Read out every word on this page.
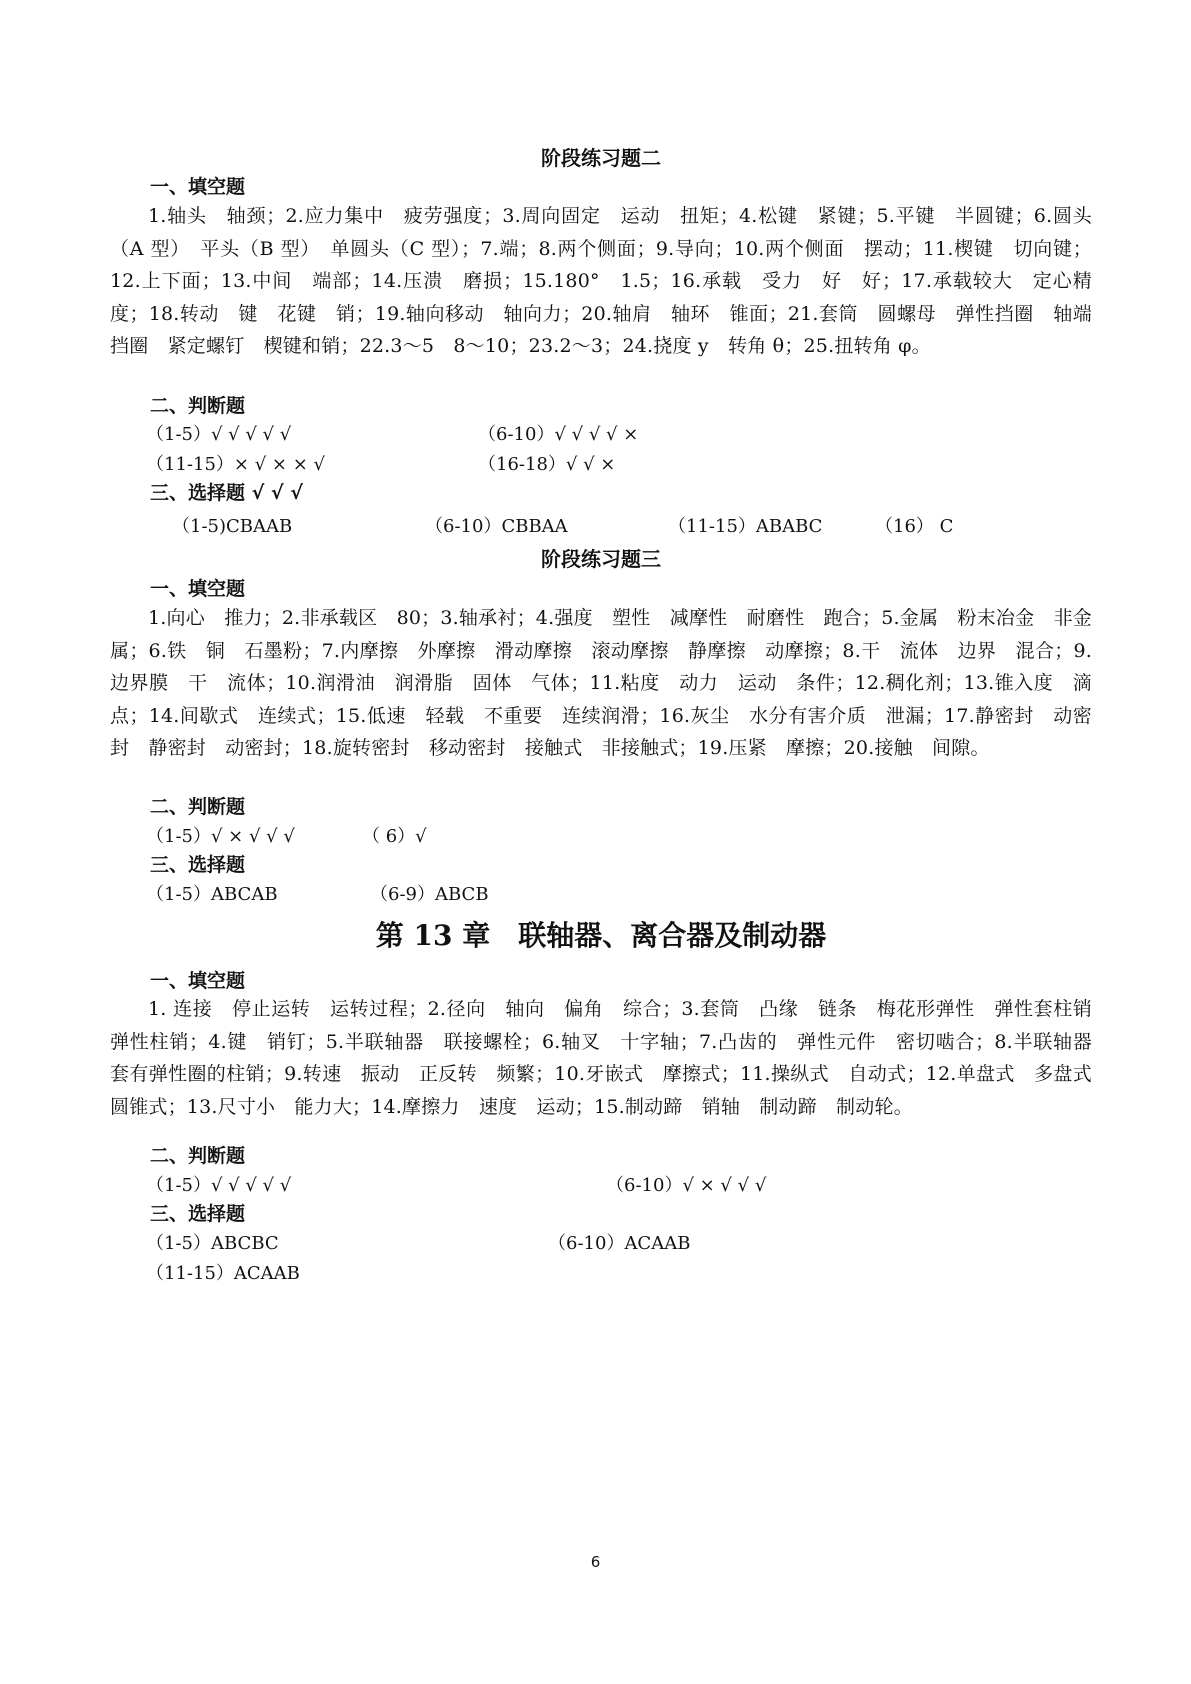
阶段练习题二
一、填空题
1.轴头　轴颈；2.应力集中　疲劳强度；3.周向固定　运动　扭矩；4.松键　紧键；5.平键　半圆键；6.圆头（A 型）　平头（B 型）　单圆头（C 型）；7.端；8.两个侧面；9.导向；10.两个侧面　摆动；11.楔键　切向键；12.上下面；13.中间　端部；14.压溃　磨损；15.180°　1.5；16.承载　受力　好　好；17.承载较大　定心精度；18.转动　键　花键　销；19.轴向移动　轴向力；20.轴肩　轴环　锥面；21.套筒　圆螺母　弹性挡圈　轴端挡圈　紧定螺钉　楔键和销；22.3～5　8～10；23.2～3；24.挠度 y　转角 θ；25.扭转角 φ。
二、判断题
（1-5）√ √ √ √ √	（6-10）√ √ √ √ ×
（11-15）× √ × × √	（16-18）√ √ ×
三、选择题 √ √ √
（1-5)CBAAB	（6-10）CBBAA	（11-15）ABABC	（16） C
阶段练习题三
一、填空题
1.向心　推力；2.非承载区　80；3.轴承衬；4.强度　塑性　减摩性　耐磨性　跑合；5.金属　粉末冶金　非金属；6.铁　铜　石墨粉；7.内摩擦　外摩擦　滑动摩擦　滚动摩擦　静摩擦　动摩擦；8.干　流体　边界　混合；9.边界膜　干　流体；10.润滑油　润滑脂　固体　气体；11.粘度　动力　运动　条件；12.稠化剂；13.锥入度　滴点；14.间歇式　连续式；15.低速　轻载　不重要　连续润滑；16.灰尘　水分有害介质　泄漏；17.静密封　动密封　静密封　动密封；18.旋转密封　移动密封　接触式　非接触式；19.压紧　摩擦；20.接触　间隙。
二、判断题
（1-5）√ × √ √ √	（ 6）√
三、选择题
（1-5）ABCAB	（6-9）ABCB
第 13 章　联轴器、离合器及制动器
一、填空题
1. 连接　停止运转　运转过程；2.径向　轴向　偏角　综合；3.套筒　凸缘　链条　梅花形弹性　弹性套柱销　弹性柱销；4.键　销钉；5.半联轴器　联接螺栓；6.轴叉　十字轴；7.凸齿的　弹性元件　密切啮合；8.半联轴器　套有弹性圈的柱销；9.转速　振动　正反转　频繁；10.牙嵌式　摩擦式；11.操纵式　自动式；12.单盘式　多盘式　圆锥式；13.尺寸小　能力大；14.摩擦力　速度　运动；15.制动蹄　销轴　制动蹄　制动轮。
二、判断题
（1-5）√ √ √ √ √	（6-10）√ × √ √ √
三、选择题
（1-5）ABCBC	（6-10）ACAAB
（11-15）ACAAB
6
